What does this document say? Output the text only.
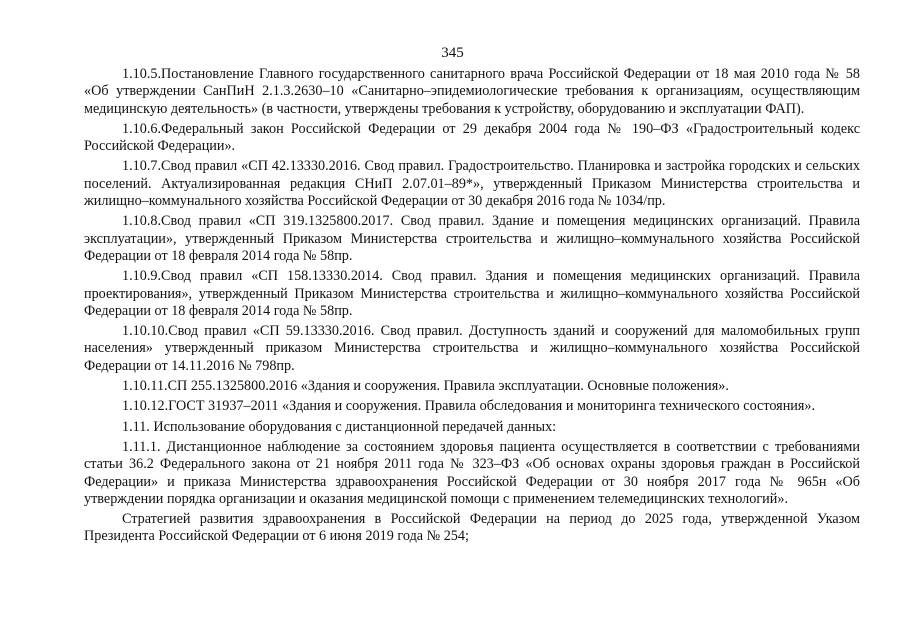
345

1.10.5.Постановление Главного государственного санитарного врача Российской Федерации от 18 мая 2010 года № 58 «Об утверждении СанПиН 2.1.3.2630–10 «Санитарно–эпидемиологические требования к организациям, осуществляющим медицинскую деятельность» (в частности, утверждены требования к устройству, оборудованию и эксплуатации ФАП).

1.10.6.Федеральный закон Российской Федерации от 29 декабря 2004 года № 190–ФЗ «Градостроительный кодекс Российской Федерации».

1.10.7.Свод правил «СП 42.13330.2016. Свод правил. Градостроительство. Планировка и застройка городских и сельских поселений. Актуализированная редакция СНиП 2.07.01–89*», утвержденный Приказом Министерства строительства и жилищно–коммунального хозяйства Российской Федерации от 30 декабря 2016 года № 1034/пр.

1.10.8.Свод правил «СП 319.1325800.2017. Свод правил. Здание и помещения медицинских организаций. Правила эксплуатации», утвержденный Приказом Министерства строительства и жилищно–коммунального хозяйства Российской Федерации от 18 февраля 2014 года № 58пр.

1.10.9.Свод правил «СП 158.13330.2014. Свод правил. Здания и помещения медицинских организаций. Правила проектирования», утвержденный Приказом Министерства строительства и жилищно–коммунального хозяйства Российской Федерации от 18 февраля 2014 года № 58пр.

1.10.10.Свод правил «СП 59.13330.2016. Свод правил. Доступность зданий и сооружений для маломобильных групп населения» утвержденный приказом Министерства строительства и жилищно–коммунального хозяйства Российской Федерации от 14.11.2016 № 798пр.

1.10.11.СП 255.1325800.2016 «Здания и сооружения. Правила эксплуатации. Основные положения».

1.10.12.ГОСТ 31937–2011 «Здания и сооружения. Правила обследования и мониторинга технического состояния».

1.11. Использование оборудования с дистанционной передачей данных:

1.11.1. Дистанционное наблюдение за состоянием здоровья пациента осуществляется в соответствии с требованиями статьи 36.2 Федерального закона от 21 ноября 2011 года № 323–ФЗ «Об основах охраны здоровья граждан в Российской Федерации» и приказа Министерства здравоохранения Российской Федерации от 30 ноября 2017 года № 965н «Об утверждении порядка организации и оказания медицинской помощи с применением телемедицинских технологий».

Стратегией развития здравоохранения в Российской Федерации на период до 2025 года, утвержденной Указом Президента Российской Федерации от 6 июня 2019 года № 254;
